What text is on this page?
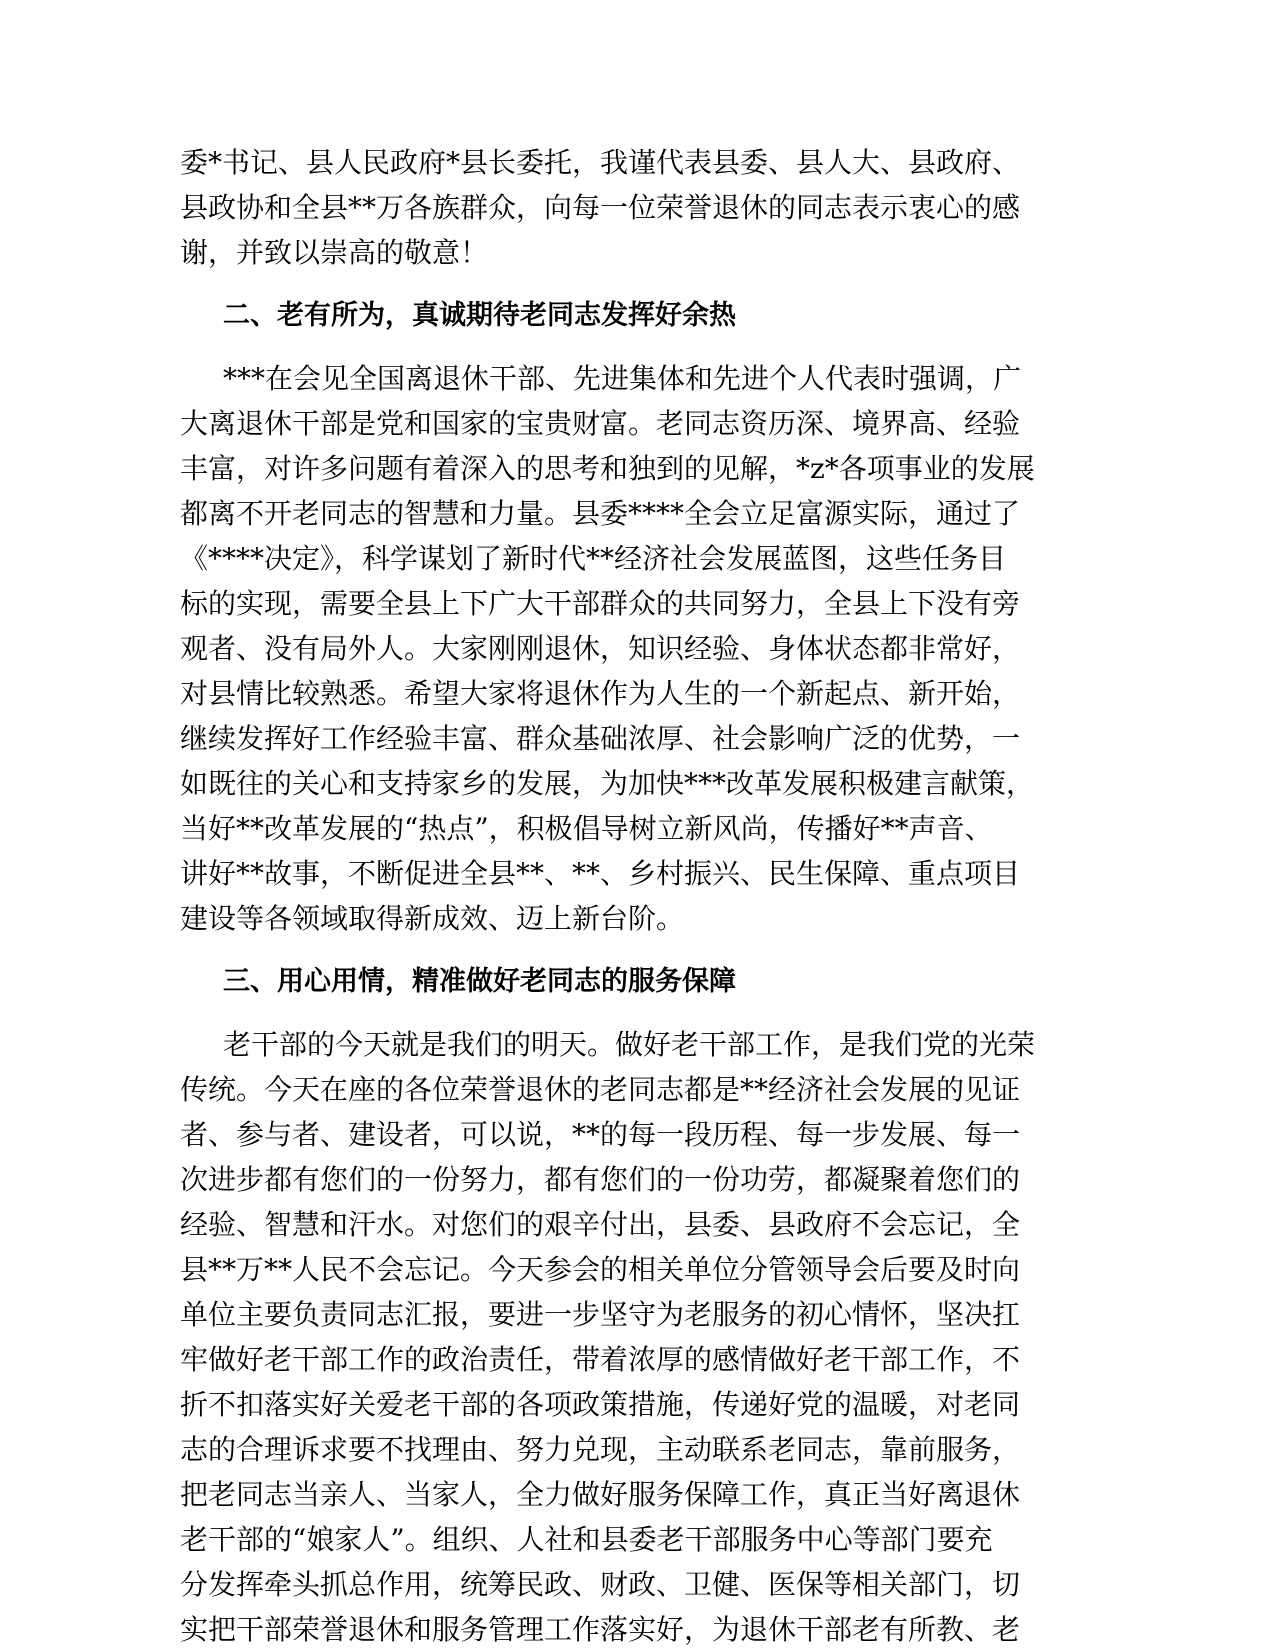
委*书记、县人民政府*县长委托，我谨代表县委、县人大、县政府、
县政协和全县**万各族群众，向每一位荣誉退休的同志表示衷心的感
谢，并致以崇高的敬意！
二、老有所为，真诚期待老同志发挥好余热
***在会见全国离退休干部、先进集体和先进个人代表时强调，广
大离退休干部是党和国家的宝贵财富。老同志资历深、境界高、经验
丰富，对许多问题有着深入的思考和独到的见解，*z*各项事业的发展
都离不开老同志的智慧和力量。县委****全会立足富源实际，通过了
《****决定》，科学谋划了新时代**经济社会发展蓝图，这些任务目
标的实现，需要全县上下广大干部群众的共同努力，全县上下没有旁
观者、没有局外人。大家刚刚退休，知识经验、身体状态都非常好，
对县情比较熟悉。希望大家将退休作为人生的一个新起点、新开始，
继续发挥好工作经验丰富、群众基础浓厚、社会影响广泛的优势，一
如既往的关心和支持家乡的发展，为加快***改革发展积极建言献策，
当好**改革发展的“热点”，积极倡导树立新风尚，传播好**声音、
讲好**故事，不断促进全县**、**、乡村振兴、民生保障、重点项目
建设等各领域取得新成效、迈上新台阶。
三、用心用情，精准做好老同志的服务保障
老干部的今天就是我们的明天。做好老干部工作，是我们党的光荣
传统。今天在座的各位荣誉退休的老同志都是**经济社会发展的见证
者、参与者、建设者，可以说，**的每一段历程、每一步发展、每一
次进步都有您们的一份努力，都有您们的一份功劳，都凝聚着您们的
经验、智慧和汗水。对您们的艰辛付出，县委、县政府不会忘记，全
县**万**人民不会忘记。今天参会的相关单位分管领导会后要及时向
单位主要负责同志汇报，要进一步坚守为老服务的初心情怀，坚决扛
牢做好老干部工作的政治责任，带着浓厚的感情做好老干部工作，不
折不扣落实好关爱老干部的各项政策措施，传递好党的温暖，对老同
志的合理诉求要不找理由、努力兑现，主动联系老同志，靠前服务，
把老同志当亲人、当家人，全力做好服务保障工作，真正当好离退休
老干部的“娘家人”。组织、人社和县委老干部服务中心等部门要充
分发挥牵头抓总作用，统筹民政、财政、卫健、医保等相关部门，切
实把干部荣誉退休和服务管理工作落实好，为退休干部老有所教、老
